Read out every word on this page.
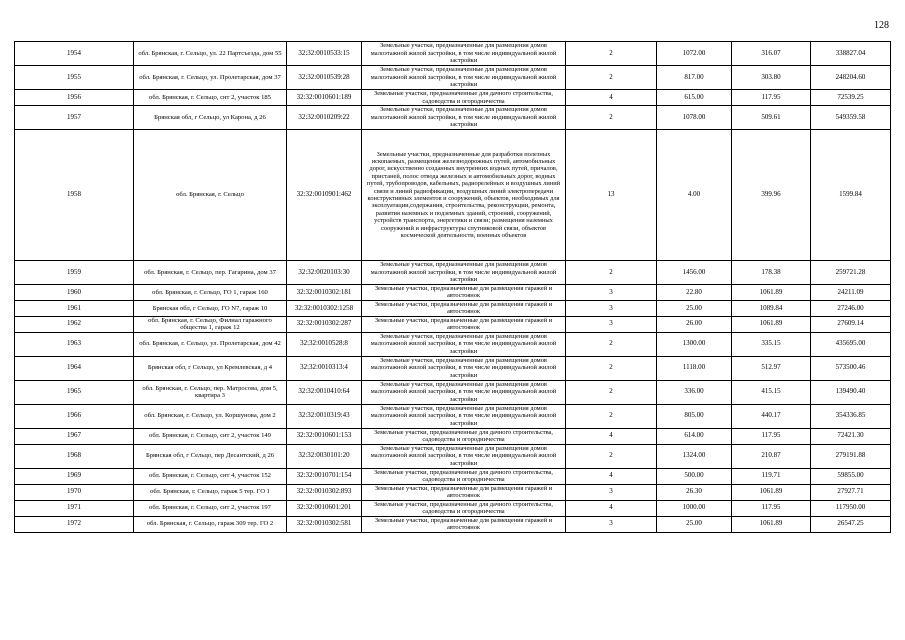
128
1954	обл. Брянская, г. Сельцо, ул. 22 Партсъезда, дом 55	32:32:0010533:15	Земельные участки, предназначенные для размещения домов малоэтажной жилой застройки, в том числе индивидуальной жилой застройки	2	1072.00	316.07	338827.04
1955	обл. Брянская, г. Сельцо, ул. Пролетарская, дом 37	32:32:0010539:28	Земельные участки, предназначенные для размещения домов малоэтажной жилой застройки, в том числе индивидуальной жилой застройки	2	817.00	303.80	248204.60
1956	обл. Брянская, г. Сельцо, снт 2, участок 185	32:32:0010601:189	Земельные участки, предназначенные для дачного строительства, садоводства и огородничества	4	615.00	117.95	72539.25
1957	Брянская обл, г Сельцо, ул Карона, д 26	32:32:0010209:22	Земельные участки, предназначенные для размещения домов малоэтажной жилой застройки, в том числе индивидуальной жилой застройки	2	1078.00	509.61	549359.58
1958	обл. Брянская, г. Сельцо	32:32:0010901:462	Земельные участки, предназначенные для разработки полезных ископаемых, размещения железнодорожных путей, автомобильных дорог, искусственно созданных внутренних водных путей, причалов, пристаней, полос отвода железных и автомобильных дорог, водных путей, трубопроводов, кабельных, радиорелейных и воздушных линий связи и линий радиофикации, воздушных линий электропередачи конструктивных элементов и сооружений, объектов, необходимых для эксплуатации,содержания, строительства, реконструкции, ремонта, развития наземных и подземных зданий, строений, сооружений, устройств транспорта, энергетики и связи; размещения наземных сооружений и инфраструктуры спутниковой связи, объектов космической деятельности, военных объектов	13	4.00	399.96	1599.84
1959	обл. Брянская, г. Сельцо, пер. Гагарина, дом 37	32:32:0020103:30	Земельные участки, предназначенные для размещения домов малоэтажной жилой застройки, в том числе индивидуальной жилой застройки	2	1456.00	178.38	259721.28
1960	обл. Брянская, г. Сельцо, ГО 1, гараж 160	32:32:0010302:181	Земельные участки, предназначенные для размещения гаражей и автостоянок	3	22.80	1061.89	24211.09
1961	Брянская обл, г Сельцо, ГО N7, гараж 10	32:32:0010302:1258	Земельные участки, предназначенные для размещения гаражей и автостоянок	3	25.00	1089.84	27246.00
1962	обл. Брянская, г. Сельцо, Филиал гаражного общества 1, гараж 12	32:32:0010302:287	Земельные участки, предназначенные для размещения гаражей и автостоянок	3	26.00	1061.89	27609.14
1963	обл. Брянская, г. Сельцо, ул. Пролетарская, дом 42	32:32:0010528:8	Земельные участки, предназначенные для размещения домов малоэтажной жилой застройки, в том числе индивидуальной жилой застройки	2	1300.00	335.15	435695.00
1964	Брянская обл, г Сельцо, ул Кремлевская, д 4	32:32:0010313:4	Земельные участки, предназначенные для размещения домов малоэтажной жилой застройки, в том числе индивидуальной жилой застройки	2	1118.00	512.97	573500.46
1965	обл. Брянская, г. Сельцо, пер. Матросова, дом 5, квартира 3	32:32:0010410:64	Земельные участки, предназначенные для размещения домов малоэтажной жилой застройки, в том числе индивидуальной жилой застройки	2	336.00	415.15	139490.40
1966	обл. Брянская, г. Сельцо, ул. Коршунова, дом 2	32:32:0010319:43	Земельные участки, предназначенные для размещения домов малоэтажной жилой застройки, в том числе индивидуальной жилой застройки	2	805.00	440.17	354336.85
1967	обл. Брянская, г. Сельцо, снт 2, участок 149	32:32:0010601:153	Земельные участки, предназначенные для дачного строительства, садоводства и огородничества	4	614.00	117.95	72421.30
1968	Брянская обл, г Сельцо, пер Десантский, д 26	32:32:0030101:20	Земельные участки, предназначенные для размещения домов малоэтажной жилой застройки, в том числе индивидуальной жилой застройки	2	1324.00	210.87	279191.88
1969	обл. Брянская, г. Сельцо, снт 4, участок 152	32:32:0010701:154	Земельные участки, предназначенные для дачного строительства, садоводства и огородничества	4	500.00	119.71	59855.00
1970	обл. Брянская, г. Сельцо, гараж 5 тер. ГО 1	32:32:0010302:893	Земельные участки, предназначенные для размещения гаражей и автостоянок	3	26.30	1061.89	27927.71
1971	обл. Брянская, г. Сельцо, снт 2, участок 197	32:32:0010601:201	Земельные участки, предназначенные для дачного строительства, садоводства и огородничества	4	1000.00	117.95	117950.00
1972	обл. Брянская, г. Сельцо, гараж 309 тер. ГО 2	32:32:0010302:581	Земельные участки, предназначенные для размещения гаражей и автостоянок	3	25.00	1061.89	26547.25
